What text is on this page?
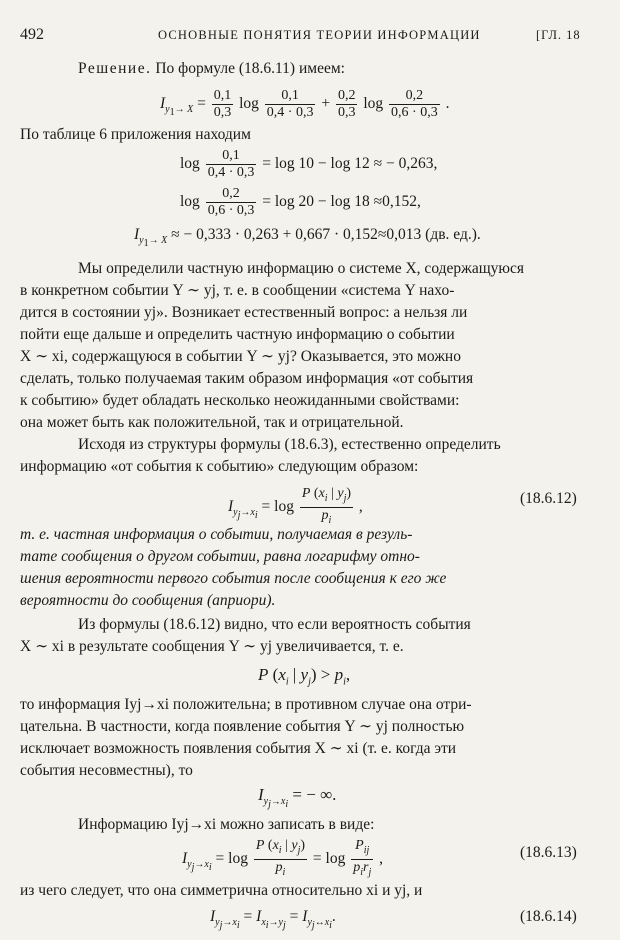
492	ОСНОВНЫЕ ПОНЯТИЯ ТЕОРИИ ИНФОРМАЦИИ	[ГЛ. 18
Решение. По формуле (18.6.11) имеем:
$I_{y_1\to X} = \frac{0,1}{0,3}$ $\log \frac{0,1}{0,4 \cdot 0,3} + \frac{0,2}{0,3}$ $\log \frac{0,2}{0,6 \cdot 0,3}$ .
По таблице 6 приложения находим
$\log \frac{0,1}{0,4 \cdot 0,3} = \log 10 - \log 12$ ≈ − 0,263,
$\log \frac{0,2}{0,6 \cdot 0,3} = \log 20 - \log 18 \approx 0,152$,
$I_{y_1\to X}$ ≈ − 0,333 · 0,263 + 0,667 · 0,152≈0,013 (дв. ед.).
Мы определили частную информацию о системе X, содержащуюся
в конкретном событии Y ∼ yj, т. е. в сообщении «система Y нахо-
дится в состоянии yj». Возникает естественный вопрос: а нельзя ли
пойти еще дальше и определить частную информацию о событии
X ∼ xi, содержащуюся в событии Y ∼ yj? Оказывается, это можно
сделать, только получаемая таким образом информация «от события
к событию» будет обладать несколько неожиданными свойствами:
она может быть как положительной, так и отрицательной.
Исходя из структуры формулы (18.6.3), естественно определить
информацию «от события к событию» следующим образом:
$I_{y_j\to x_i} = \log \frac{P (x_i | y_j)}{p_i}$ ,	(18.6.12)
т. е. частная информация о событии, получаемая в резуль-
тате сообщения о другом событии, равна логарифму отно-
шения вероятности первого события после сообщения к его же
вероятности до сообщения (априори).
Из формулы (18.6.12) видно, что если вероятность события
X ∼ xi в результате сообщения Y ∼ yj увеличивается, т. е.
P ($x_i$ | $y_j) > p_i$,
то информация Iyj→xi положительна; в противном случае она отри-
цательна. В частности, когда появление события Y ∼ yj полностью
исключает возможность появления события X ∼ xi (т. е. когда эти
события несовместны), то
$I_{y_j\to x_i}$ = − ∞.
Информацию Iyj→xi можно записать в виде:
$I_{y_j\to x_i} = \log \frac{P (x_i | y_j)}{p_i} = \log \frac{P_{ij}}{p_ir_j}$ ,	(18.6.13)
из чего следует, что она симметрична относительно xi и yj, и
$I_{y_j\to x_i} = I_{x_i\to y_j} = I_{y_j\leftrightarrow x_i}$.	(18.6.14)
